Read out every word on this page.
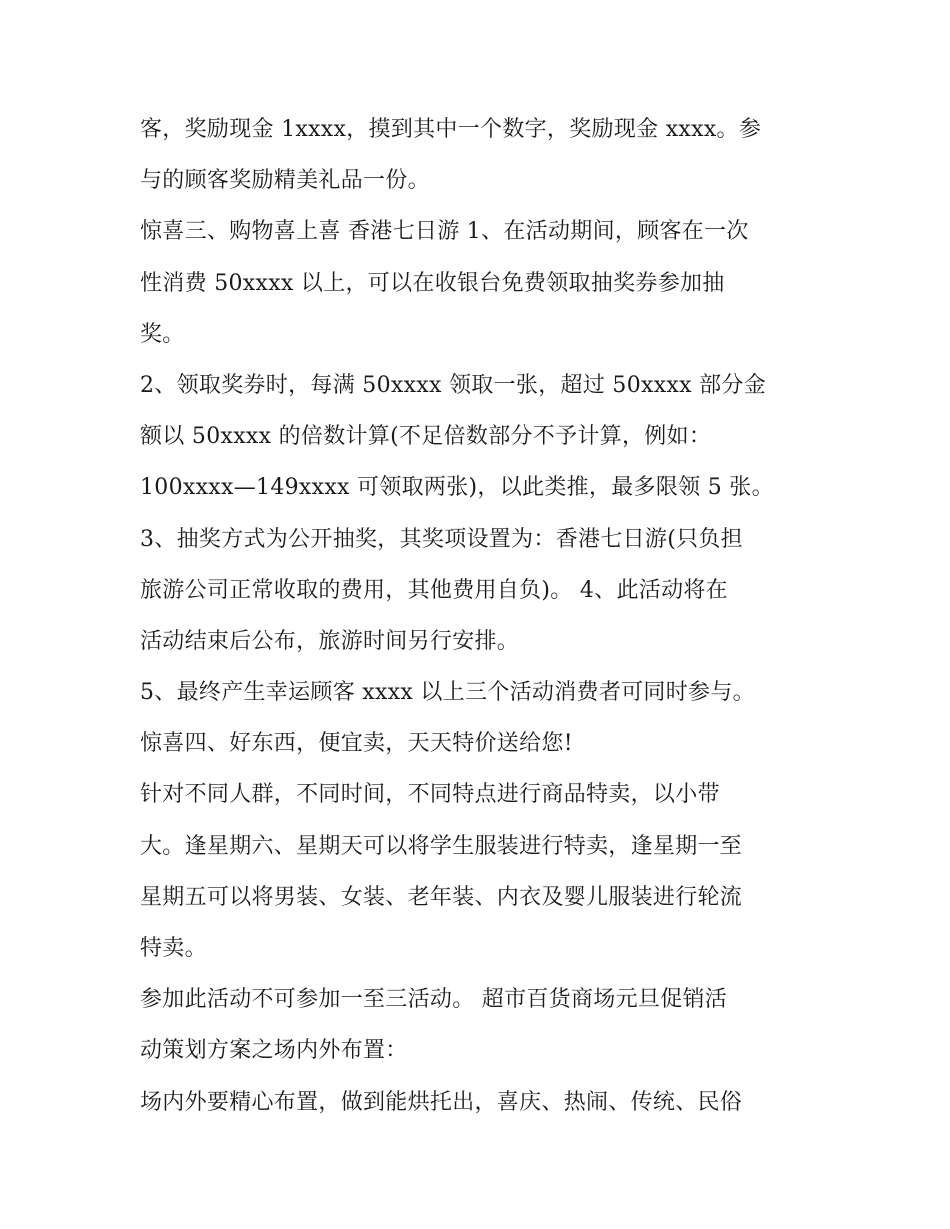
客，奖励现金 1xxxx，摸到其中一个数字，奖励现金 xxxx。参
与的顾客奖励精美礼品一份。
惊喜三、购物喜上喜 香港七日游 1、在活动期间，顾客在一次
性消费 50xxxx 以上，可以在收银台免费领取抽奖券参加抽
奖。
2、领取奖券时，每满 50xxxx 领取一张，超过 50xxxx 部分金
额以 50xxxx 的倍数计算(不足倍数部分不予计算，例如：
100xxxx—149xxxx 可领取两张)，以此类推，最多限领 5 张。
3、抽奖方式为公开抽奖，其奖项设置为：香港七日游(只负担
旅游公司正常收取的费用，其他费用自负)。 4、此活动将在
活动结束后公布，旅游时间另行安排。
5、最终产生幸运顾客 xxxx 以上三个活动消费者可同时参与。
惊喜四、好东西，便宜卖，天天特价送给您!
针对不同人群，不同时间，不同特点进行商品特卖，以小带
大。逢星期六、星期天可以将学生服装进行特卖，逢星期一至
星期五可以将男装、女装、老年装、内衣及婴儿服装进行轮流
特卖。
参加此活动不可参加一至三活动。 超市百货商场元旦促销活
动策划方案之场内外布置：
场内外要精心布置，做到能烘托出，喜庆、热闹、传统、民俗
